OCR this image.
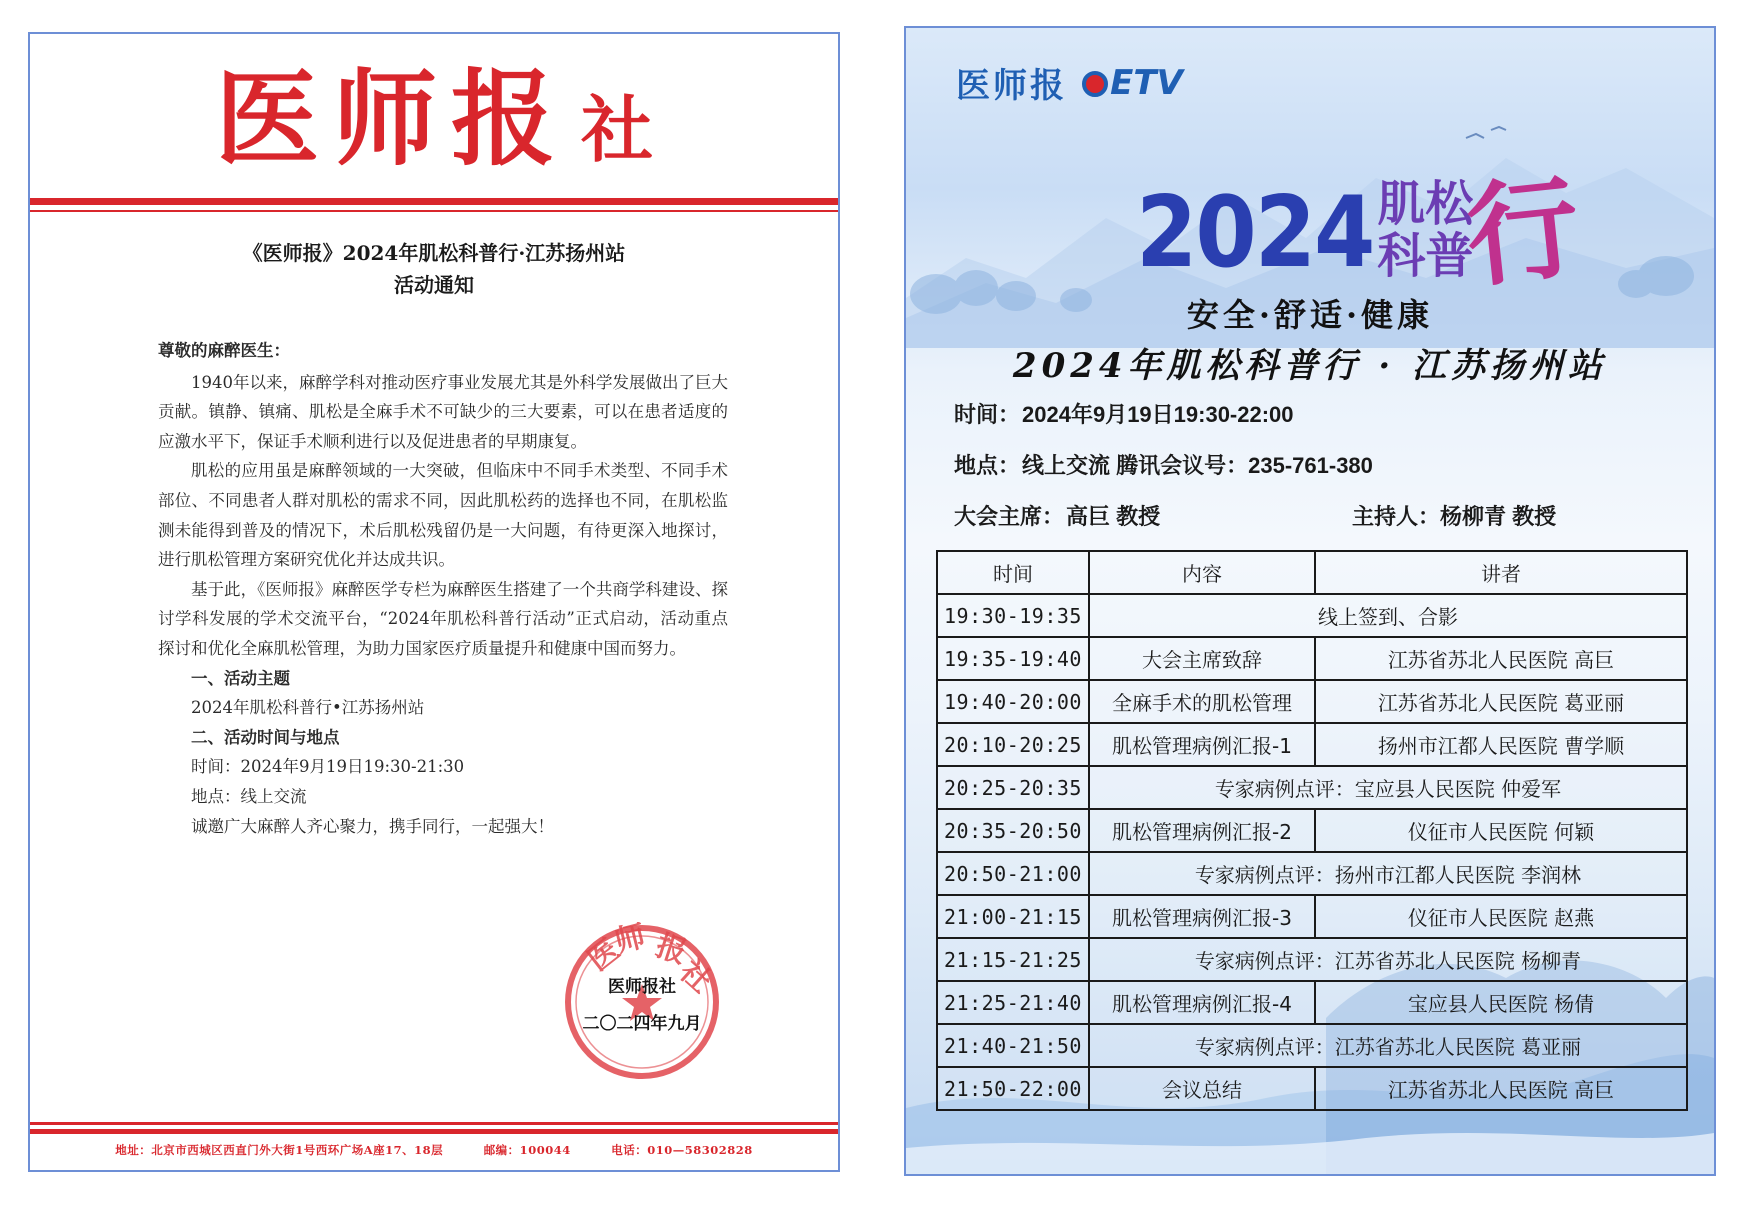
医师报 社
《医师报》2024年肌松科普行·江苏扬州站
活动通知

尊敬的麻醉医生：

1940年以来，麻醉学科对推动医疗事业发展尤其是外科学发展做出了巨大贡献。镇静、镇痛、肌松是全麻手术不可缺少的三大要素，可以在患者适度的应激水平下，保证手术顺利进行以及促进患者的早期康复。

肌松的应用虽是麻醉领域的一大突破，但临床中不同手术类型、不同手术部位、不同患者人群对肌松的需求不同，因此肌松药的选择也不同，在肌松监测未能得到普及的情况下，术后肌松残留仍是一大问题，有待更深入地探讨，进行肌松管理方案研究优化并达成共识。

基于此，《医师报》麻醉医学专栏为麻醉医生搭建了一个共商学科建设、探讨学科发展的学术交流平台，“2024年肌松科普行活动”正式启动，活动重点探讨和优化全麻肌松管理，为助力国家医疗质量提升和健康中国而努力。

一、活动主题

2024年肌松科普行•江苏扬州站

二、活动时间与地点

时间：2024年9月19日19:30-21:30

地点：线上交流

诚邀广大麻醉人齐心聚力，携手同行，一起强大！

医
师 报
社
医师报社
二〇二四年九月
地址：北京市西城区西直门外大街1号西环广场A座17、18层	邮编：100044	电话：010—58302828
医师报 ETV
2024 肌松
科普
行
安全·舒适·健康
2024年肌松科普行 · 江苏扬州站
时间：2024年9月19日19:30-22:00
地点：线上交流 腾讯会议号：235-761-380
大会主席：高巨 教授	主持人：杨柳青 教授
时间	内容	讲者
19:30-19:35	线上签到、合影	
19:35-19:40	大会主席致辞	江苏省苏北人民医院 高巨
19:40-20:00	全麻手术的肌松管理	江苏省苏北人民医院 葛亚丽
20:10-20:25	肌松管理病例汇报-1	扬州市江都人民医院 曹学顺
20:25-20:35	专家病例点评：宝应县人民医院 仲爱军	
20:35-20:50	肌松管理病例汇报-2	仪征市人民医院 何颖
20:50-21:00	专家病例点评：扬州市江都人民医院 李润林	
21:00-21:15	肌松管理病例汇报-3	仪征市人民医院 赵燕
21:15-21:25	专家病例点评：江苏省苏北人民医院 杨柳青	
21:25-21:40	肌松管理病例汇报-4	宝应县人民医院 杨倩
21:40-21:50	专家病例点评：江苏省苏北人民医院 葛亚丽	
21:50-22:00	会议总结	江苏省苏北人民医院 高巨
